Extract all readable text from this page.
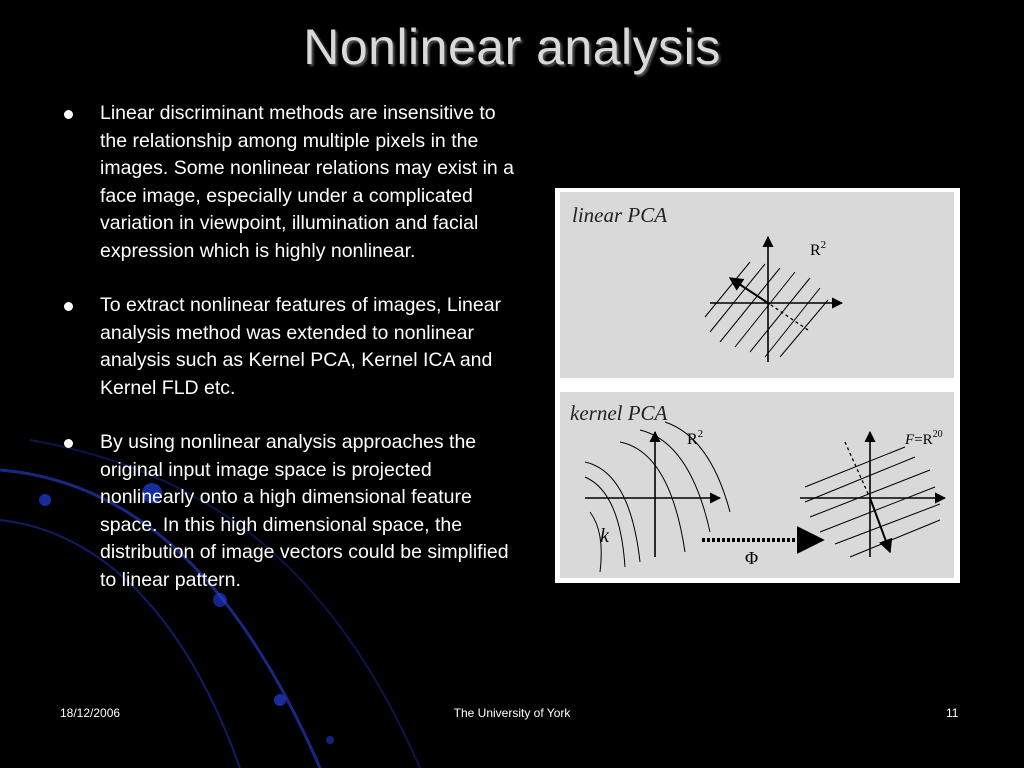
Nonlinear analysis
Linear discriminant methods are insensitive to the relationship among multiple pixels in the images. Some nonlinear relations may exist in a face image, especially under a complicated variation in viewpoint, illumination and facial expression which is highly nonlinear.
To extract nonlinear features of images, Linear analysis method was extended to nonlinear analysis such as Kernel PCA, Kernel ICA and Kernel FLD etc.
By using nonlinear analysis approaches the original input image space is projected nonlinearly onto a high dimensional feature space. In this high dimensional space, the distribution of image vectors could be simplified to linear pattern.
linear PCA
$R^2$
kernel PCA
$R^2$	$F=R^{20}$
k
Φ
18/12/2006	The University of York	11
